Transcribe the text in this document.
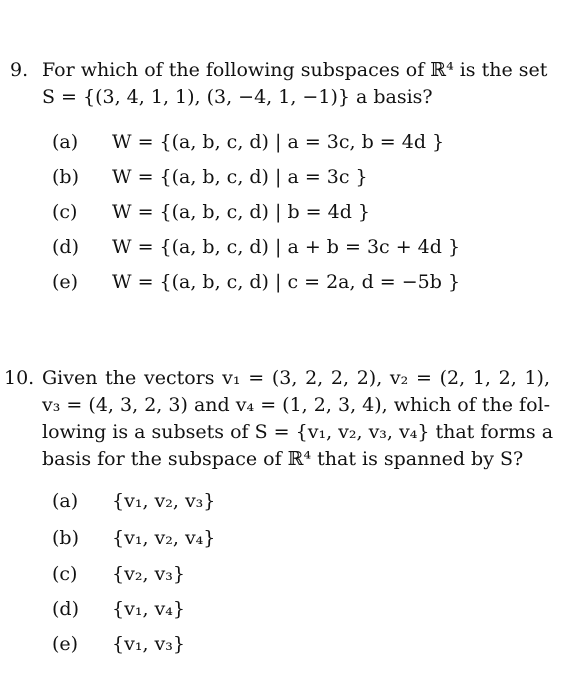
9. For which of the following subspaces of ℝ⁴ is the set
S = {(3, 4, 1, 1), (3, −4, 1, −1)} a basis?
(a) W = {(a, b, c, d) | a = 3c, b = 4d }
(b) W = {(a, b, c, d) | a = 3c }
(c) W = {(a, b, c, d) | b = 4d }
(d) W = {(a, b, c, d) | a + b = 3c + 4d }
(e) W = {(a, b, c, d) | c = 2a, d = −5b }
10. Given the vectors v₁ = (3, 2, 2, 2), v₂ = (2, 1, 2, 1),
v₃ = (4, 3, 2, 3) and v₄ = (1, 2, 3, 4), which of the fol-
lowing is a subsets of S = {v₁, v₂, v₃, v₄} that forms a
basis for the subspace of ℝ⁴ that is spanned by S?
(a) {v₁, v₂, v₃}
(b) {v₁, v₂, v₄}
(c) {v₂, v₃}
(d) {v₁, v₄}
(e) {v₁, v₃}
